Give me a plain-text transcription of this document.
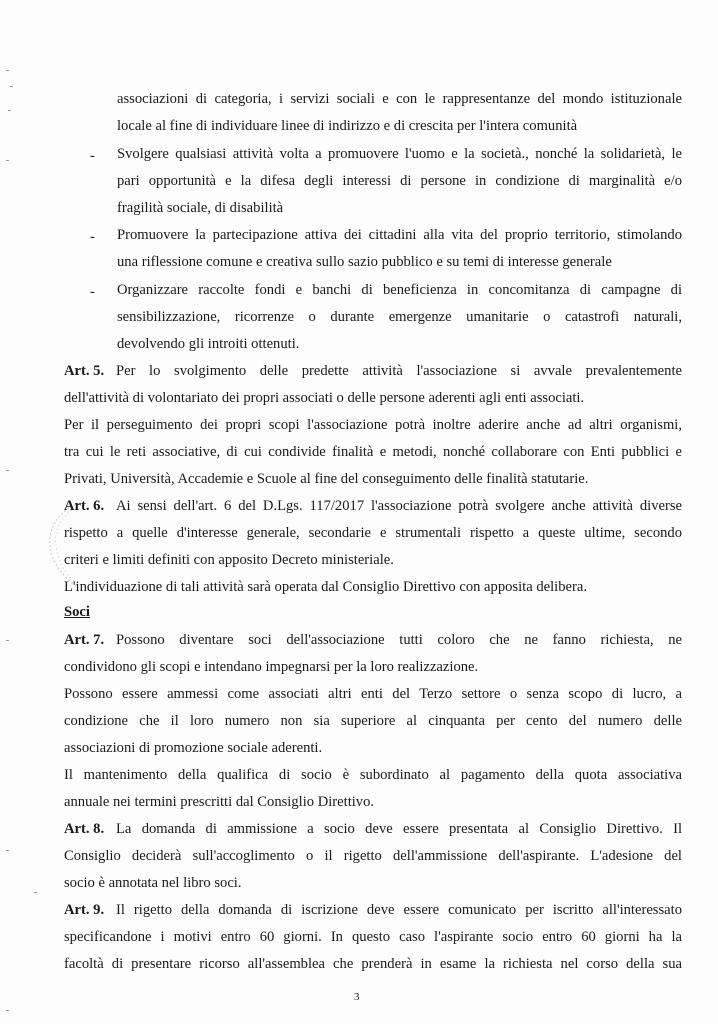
associazioni di categoria, i servizi sociali e con le rappresentanze del mondo istituzionale
locale al fine di individuare linee di indirizzo e di crescita per l'intera comunità
- Svolgere qualsiasi attività volta a promuovere l'uomo e la società., nonché la solidarietà, le
pari opportunità e la difesa degli interessi di persone in condizione di marginalità e/o
fragilità sociale, di disabilità
- Promuovere la partecipazione attiva dei cittadini alla vita del proprio territorio, stimolando
una riflessione comune e creativa sullo sazio pubblico e su temi di interesse generale
- Organizzare raccolte fondi e banchi di beneficienza in concomitanza di campagne di
sensibilizzazione, ricorrenze o durante emergenze umanitarie o catastrofi naturali,
devolvendo gli introiti ottenuti.
Art. 5. Per lo svolgimento delle predette attività l'associazione si avvale prevalentemente
dell'attività di volontariato dei propri associati o delle persone aderenti agli enti associati.
Per il perseguimento dei propri scopi l'associazione potrà inoltre aderire anche ad altri organismi,
tra cui le reti associative, di cui condivide finalità e metodi, nonché collaborare con Enti pubblici e
Privati, Università, Accademie e Scuole al fine del conseguimento delle finalità statutarie.
Art. 6. Ai sensi dell'art. 6 del D.Lgs. 117/2017 l'associazione potrà svolgere anche attività diverse
rispetto a quelle d'interesse generale, secondarie e strumentali rispetto a queste ultime, secondo
criteri e limiti definiti con apposito Decreto ministeriale.
L'individuazione di tali attività sarà operata dal Consiglio Direttivo con apposita delibera.
Soci
Art. 7. Possono diventare soci dell'associazione tutti coloro che ne fanno richiesta, ne
condividono gli scopi e intendano impegnarsi per la loro realizzazione.
Possono essere ammessi come associati altri enti del Terzo settore o senza scopo di lucro, a
condizione che il loro numero non sia superiore al cinquanta per cento del numero delle
associazioni di promozione sociale aderenti.
Il mantenimento della qualifica di socio è subordinato al pagamento della quota associativa
annuale nei termini prescritti dal Consiglio Direttivo.
Art. 8. La domanda di ammissione a socio deve essere presentata al Consiglio Direttivo. Il
Consiglio deciderà sull'accoglimento o il rigetto dell'ammissione dell'aspirante. L'adesione del
socio è annotata nel libro soci.
Art. 9. Il rigetto della domanda di iscrizione deve essere comunicato per iscritto all'interessato
specificandone i motivi entro 60 giorni. In questo caso l'aspirante socio entro 60 giorni ha la
facoltà di presentare ricorso all'assemblea che prenderà in esame la richiesta nel corso della sua
3
